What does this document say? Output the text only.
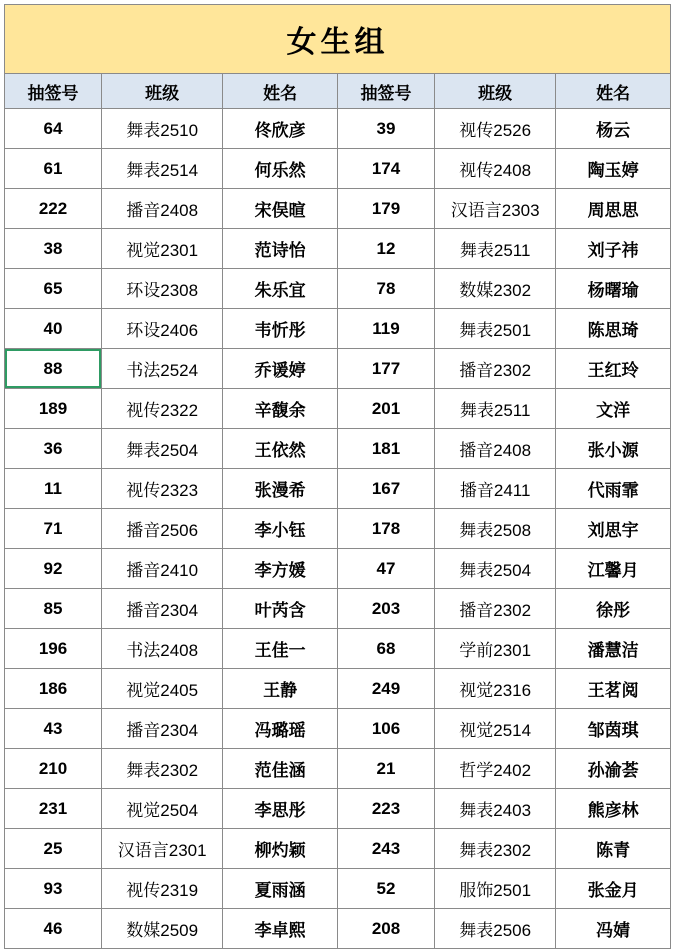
女生组					
抽签号	班级	姓名	抽签号	班级	姓名
64	舞表2510	佟欣彦	39	视传2526	杨云
61	舞表2514	何乐然	174	视传2408	陶玉婷
222	播音2408	宋俣暄	179	汉语言2303	周思思
38	视觉2301	范诗怡	12	舞表2511	刘子祎
65	环设2308	朱乐宜	78	数媒2302	杨曙瑜
40	环设2406	韦忻彤	119	舞表2501	陈思琦
88	书法2524	乔谖婷	177	播音2302	王红玲
189	视传2322	辛馥余	201	舞表2511	文洋
36	舞表2504	王依然	181	播音2408	张小源
11	视传2323	张漫希	167	播音2411	代雨霏
71	播音2506	李小钰	178	舞表2508	刘思宇
92	播音2410	李方媛	47	舞表2504	江馨月
85	播音2304	叶芮含	203	播音2302	徐彤
196	书法2408	王佳一	68	学前2301	潘慧洁
186	视觉2405	王静	249	视觉2316	王茗阅
43	播音2304	冯璐瑶	106	视觉2514	邹茵琪
210	舞表2302	范佳涵	21	哲学2402	孙渝荟
231	视觉2504	李思彤	223	舞表2403	熊彦林
25	汉语言2301	柳灼颖	243	舞表2302	陈青
93	视传2319	夏雨涵	52	服饰2501	张金月
46	数媒2509	李卓熙	208	舞表2506	冯婧
